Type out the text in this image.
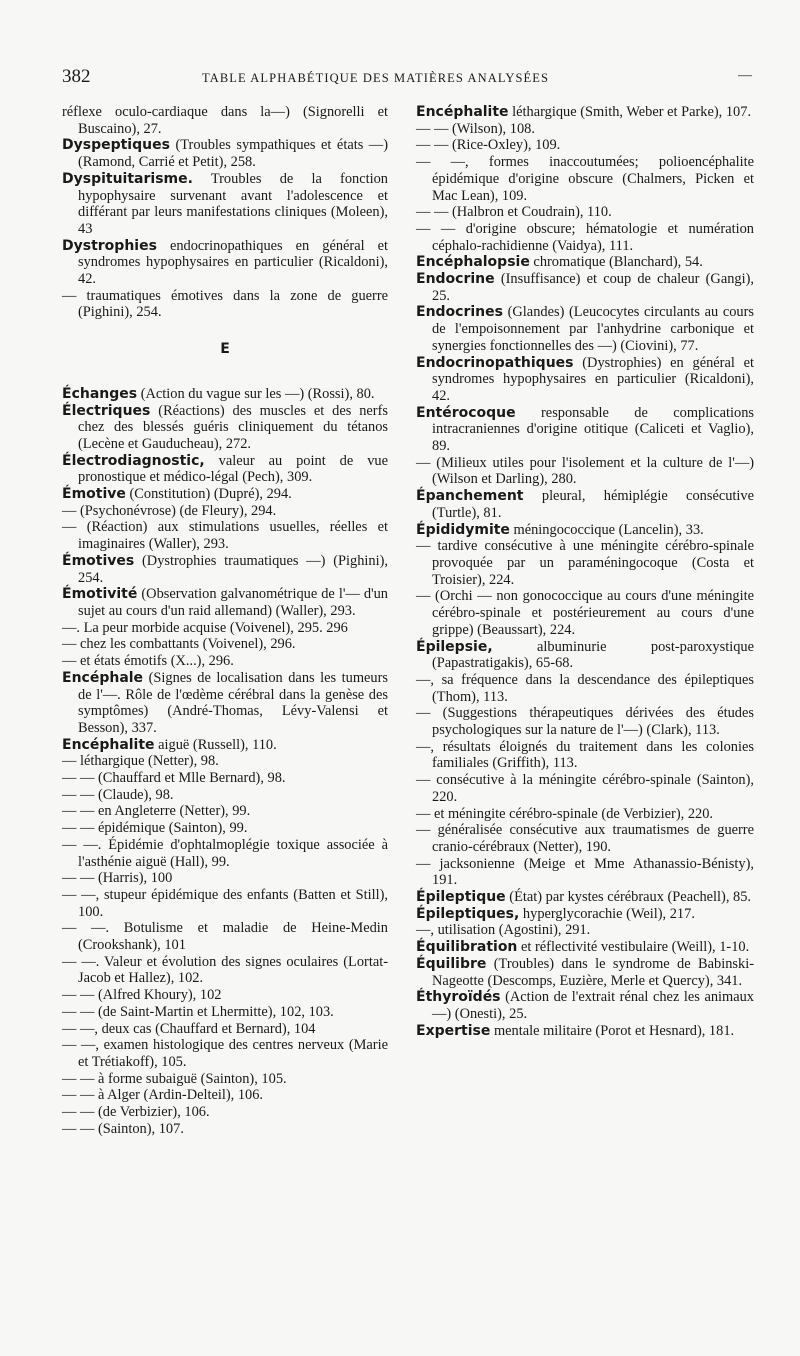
382	TABLE ALPHABÉTIQUE DES MATIÈRES ANALYSÉES	—

réflexe oculo-cardiaque dans la—) (Signorelli et Buscaino), 27.

Dyspeptiques (Troubles sympathiques et états —) (Ramond, Carrié et Petit), 258.

Dyspituitarisme. Troubles de la fonction hypophysaire survenant avant l'adolescence et différant par leurs manifestations cliniques (Moleen), 43

Dystrophies endocrinopathiques en général et syndromes hypophysaires en particulier (Ricaldoni), 42.

— traumatiques émotives dans la zone de guerre (Pighini), 254.

E

Échanges (Action du vague sur les —) (Rossi), 80.

Électriques (Réactions) des muscles et des nerfs chez des blessés guéris cliniquement du tétanos (Lecène et Gauducheau), 272.

Électrodiagnostic, valeur au point de vue pronostique et médico-légal (Pech), 309.

Émotive (Constitution) (Dupré), 294.

— (Psychonévrose) (de Fleury), 294.

— (Réaction) aux stimulations usuelles, réelles et imaginaires (Waller), 293.

Émotives (Dystrophies traumatiques —) (Pighini), 254.

Émotivité (Observation galvanométrique de l'— d'un sujet au cours d'un raid allemand) (Waller), 293.

—. La peur morbide acquise (Voivenel), 295. 296

— chez les combattants (Voivenel), 296.

— et états émotifs (X...), 296.

Encéphale (Signes de localisation dans les tumeurs de l'—. Rôle de l'œdème cérébral dans la genèse des symptômes) (André-Thomas, Lévy-Valensi et Besson), 337.

Encéphalite aiguë (Russell), 110.

— léthargique (Netter), 98.

— — (Chauffard et Mlle Bernard), 98.

— — (Claude), 98.

— — en Angleterre (Netter), 99.

— — épidémique (Sainton), 99.

— —. Épidémie d'ophtalmoplégie toxique associée à l'asthénie aiguë (Hall), 99.

— — (Harris), 100

— —, stupeur épidémique des enfants (Batten et Still), 100.

— —. Botulisme et maladie de Heine-Medin (Crookshank), 101

— —. Valeur et évolution des signes oculaires (Lortat-Jacob et Hallez), 102.

— — (Alfred Khoury), 102

— — (de Saint-Martin et Lhermitte), 102, 103.

— —, deux cas (Chauffard et Bernard), 104

— —, examen histologique des centres nerveux (Marie et Trétiakoff), 105.

— — à forme subaiguë (Sainton), 105.

— — à Alger (Ardin-Delteil), 106.

— — (de Verbizier), 106.

— — (Sainton), 107.

Encéphalite léthargique (Smith, Weber et Parke), 107.

— — (Wilson), 108.

— — (Rice-Oxley), 109.

— —, formes inaccoutumées; polioencéphalite épidémique d'origine obscure (Chalmers, Picken et Mac Lean), 109.

— — (Halbron et Coudrain), 110.

— — d'origine obscure; hématologie et numération céphalo-rachidienne (Vaidya), 111.

Encéphalopsie chromatique (Blanchard), 54.

Endocrine (Insuffisance) et coup de chaleur (Gangi), 25.

Endocrines (Glandes) (Leucocytes circulants au cours de l'empoisonnement par l'anhydrine carbonique et synergies fonctionnelles des —) (Ciovini), 77.

Endocrinopathiques (Dystrophies) en général et syndromes hypophysaires en particulier (Ricaldoni), 42.

Entérocoque responsable de complications intracraniennes d'origine otitique (Caliceti et Vaglio), 89.

— (Milieux utiles pour l'isolement et la culture de l'—) (Wilson et Darling), 280.

Épanchement pleural, hémiplégie consécutive (Turtle), 81.

Épididymite méningococcique (Lancelin), 33.

— tardive consécutive à une méningite cérébro-spinale provoquée par un paraméningocoque (Costa et Troisier), 224.

— (Orchi — non gonococcique au cours d'une méningite cérébro-spinale et postérieurement au cours d'une grippe) (Beaussart), 224.

Épilepsie, albuminurie post-paroxystique (Papastratigakis), 65-68.

—, sa fréquence dans la descendance des épileptiques (Thom), 113.

— (Suggestions thérapeutiques dérivées des études psychologiques sur la nature de l'—) (Clark), 113.

—, résultats éloignés du traitement dans les colonies familiales (Griffith), 113.

— consécutive à la méningite cérébro-spinale (Sainton), 220.

— et méningite cérébro-spinale (de Verbizier), 220.

— généralisée consécutive aux traumatismes de guerre cranio-cérébraux (Netter), 190.

— jacksonienne (Meige et Mme Athanassio-Bénisty), 191.

Épileptique (État) par kystes cérébraux (Peachell), 85.

Épileptiques, hyperglycorachie (Weil), 217.

—, utilisation (Agostini), 291.

Équilibration et réflectivité vestibulaire (Weill), 1-10.

Équilibre (Troubles) dans le syndrome de Babinski-Nageotte (Descomps, Euzière, Merle et Quercy), 341.

Éthyroïdés (Action de l'extrait rénal chez les animaux —) (Onesti), 25.

Expertise mentale militaire (Porot et Hesnard), 181.
